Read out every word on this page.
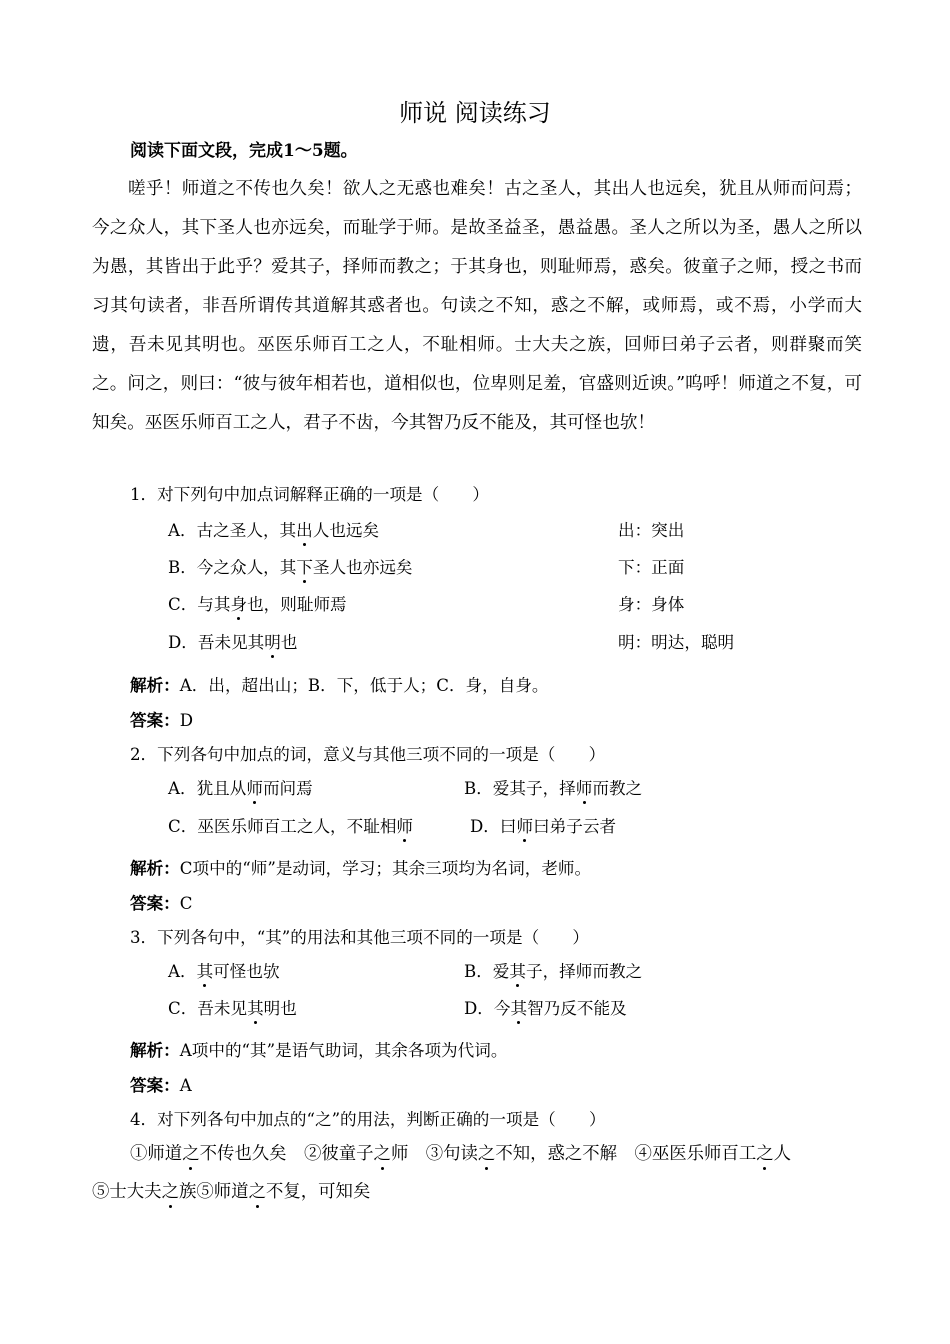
师说 阅读练习
阅读下面文段，完成1～5题。

嗟乎！师道之不传也久矣！欲人之无惑也难矣！古之圣人，其出人也远矣，犹且从师而问焉；今之众人，其下圣人也亦远矣，而耻学于师。是故圣益圣，愚益愚。圣人之所以为圣，愚人之所以为愚，其皆出于此乎？爱其子，择师而教之；于其身也，则耻师焉，惑矣。彼童子之师，授之书而习其句读者，非吾所谓传其道解其惑者也。句读之不知，惑之不解，或师焉，或不焉，小学而大遗，吾未见其明也。巫医乐师百工之人，不耻相师。士大夫之族，回师曰弟子云者，则群聚而笑之。问之，则曰：“彼与彼年相若也，道相似也，位卑则足羞，官盛则近谀。”呜呼！师道之不复，可知矣。巫医乐师百工之人，君子不齿，今其智乃反不能及，其可怪也欤！

1．对下列句中加点词解释正确的一项是（　　）
A．古之圣人，其出人也远矣	出：突出
B．今之众人，其下圣人也亦远矣	下：正面
C．与其身也，则耻师焉	身：身体
D．吾未见其明也	明：明达，聪明
解析：A．出，超出山；B．下，低于人；C．身，自身。
答案：D
2．下列各句中加点的词，意义与其他三项不同的一项是（　　）
A．犹且从师而问焉	B．爱其子，择师而教之
C．巫医乐师百工之人，不耻相师	D．曰师曰弟子云者
解析：C项中的“师”是动词，学习；其余三项均为名词，老师。
答案：C
3．下列各句中，“其”的用法和其他三项不同的一项是（　　）
A．其可怪也欤	B．爱其子，择师而教之
C．吾未见其明也	D．今其智乃反不能及
解析：A项中的“其”是语气助词，其余各项为代词。
答案：A
4．对下列各句中加点的“之”的用法，判断正确的一项是（　　）
①师道之不传也久矣　②彼童子之师　③句读之不知，惑之不解　④巫医乐师百工之人
⑤士大夫之族⑤师道之不复，可知矣
